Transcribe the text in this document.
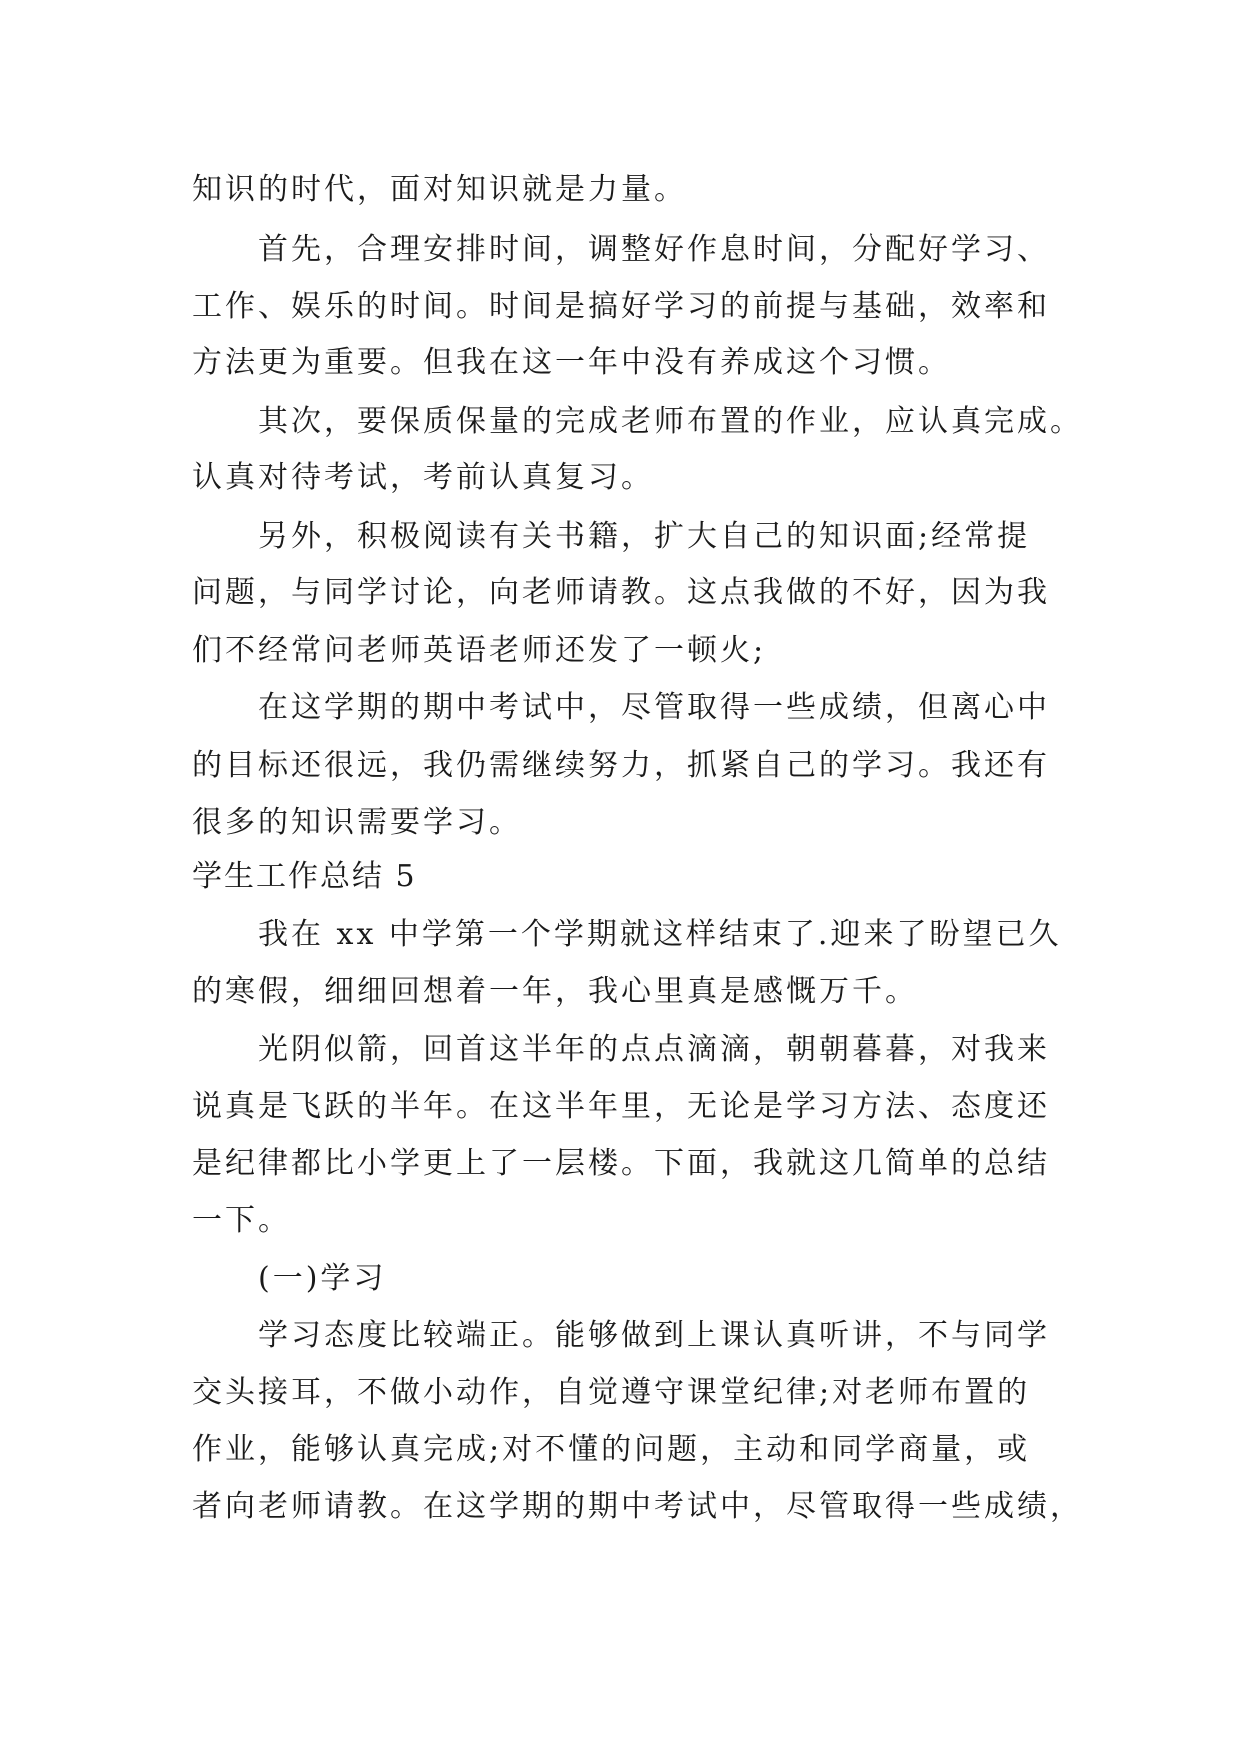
知识的时代，面对知识就是力量。
首先，合理安排时间，调整好作息时间，分配好学习、
工作、娱乐的时间。时间是搞好学习的前提与基础，效率和
方法更为重要。但我在这一年中没有养成这个习惯。
其次，要保质保量的完成老师布置的作业，应认真完成。
认真对待考试，考前认真复习。
另外，积极阅读有关书籍，扩大自己的知识面;经常提
问题，与同学讨论，向老师请教。这点我做的不好，因为我
们不经常问老师英语老师还发了一顿火;
在这学期的期中考试中，尽管取得一些成绩，但离心中
的目标还很远，我仍需继续努力，抓紧自己的学习。我还有
很多的知识需要学习。
学生工作总结 5
我在 xx 中学第一个学期就这样结束了.迎来了盼望已久
的寒假，细细回想着一年，我心里真是感慨万千。
光阴似箭，回首这半年的点点滴滴，朝朝暮暮，对我来
说真是飞跃的半年。在这半年里，无论是学习方法、态度还
是纪律都比小学更上了一层楼。下面，我就这几简单的总结
一下。
(一)学习
学习态度比较端正。能够做到上课认真听讲，不与同学
交头接耳，不做小动作，自觉遵守课堂纪律;对老师布置的
作业，能够认真完成;对不懂的问题，主动和同学商量，或
者向老师请教。在这学期的期中考试中，尽管取得一些成绩，
